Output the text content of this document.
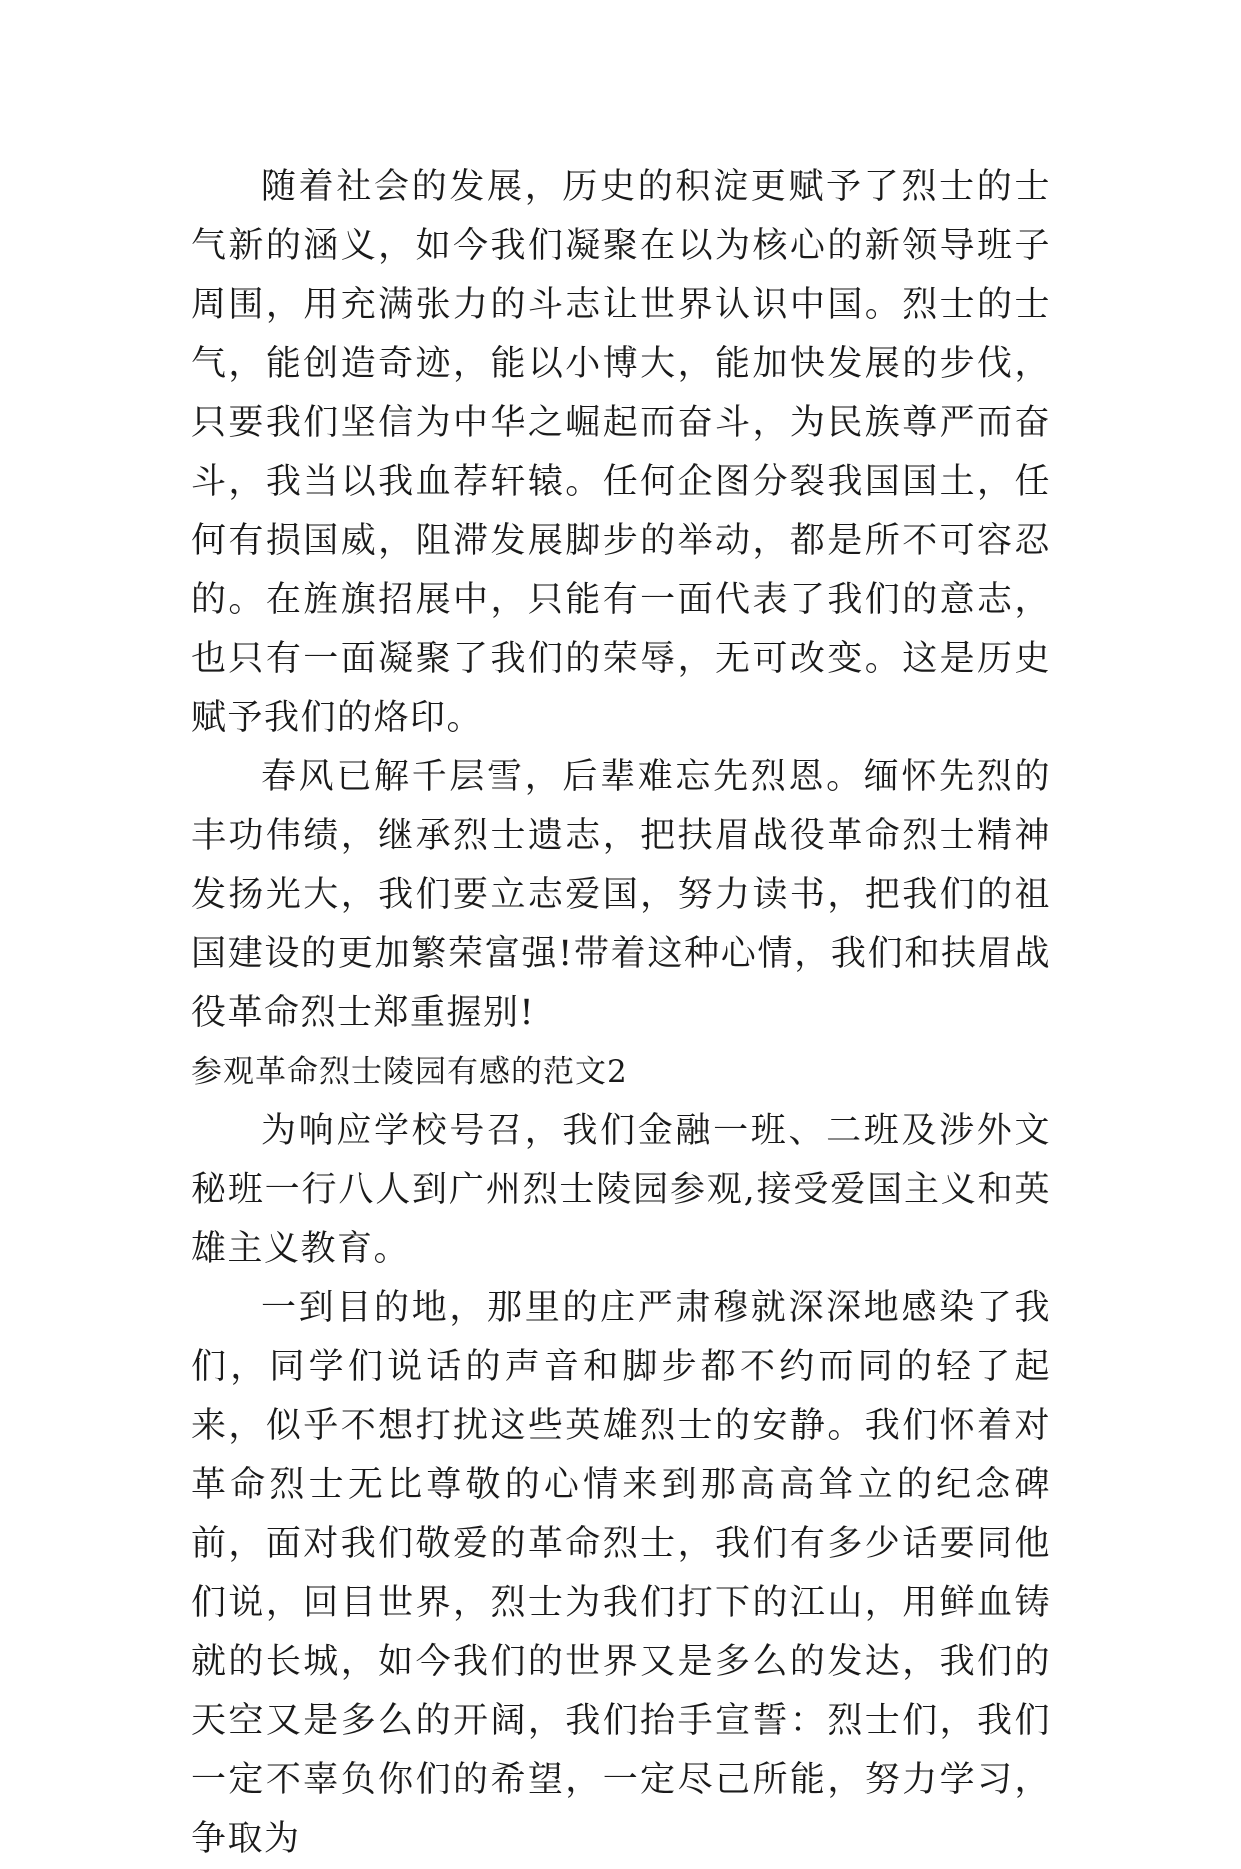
随着社会的发展，历史的积淀更赋予了烈士的士气新的涵义，如今我们凝聚在以为核心的新领导班子周围，用充满张力的斗志让世界认识中国。烈士的士气，能创造奇迹，能以小博大，能加快发展的步伐，只要我们坚信为中华之崛起而奋斗，为民族尊严而奋斗，我当以我血荐轩辕。任何企图分裂我国国土，任何有损国威，阻滞发展脚步的举动，都是所不可容忍的。在旌旗招展中，只能有一面代表了我们的意志，也只有一面凝聚了我们的荣辱，无可改变。这是历史赋予我们的烙印。

春风已解千层雪，后辈难忘先烈恩。缅怀先烈的丰功伟绩，继承烈士遗志，把扶眉战役革命烈士精神发扬光大，我们要立志爱国，努力读书，把我们的祖国建设的更加繁荣富强!带着这种心情，我们和扶眉战役革命烈士郑重握别!

参观革命烈士陵园有感的范文2

为响应学校号召，我们金融一班、二班及涉外文秘班一行八人到广州烈士陵园参观,接受爱国主义和英雄主义教育。

一到目的地，那里的庄严肃穆就深深地感染了我们，同学们说话的声音和脚步都不约而同的轻了起来，似乎不想打扰这些英雄烈士的安静。我们怀着对革命烈士无比尊敬的心情来到那高高耸立的纪念碑前，面对我们敬爱的革命烈士，我们有多少话要同他们说，回目世界，烈士为我们打下的江山，用鲜血铸就的长城，如今我们的世界又是多么的发达，我们的天空又是多么的开阔，我们抬手宣誓：烈士们，我们一定不辜负你们的希望，一定尽己所能，努力学习，争取为
